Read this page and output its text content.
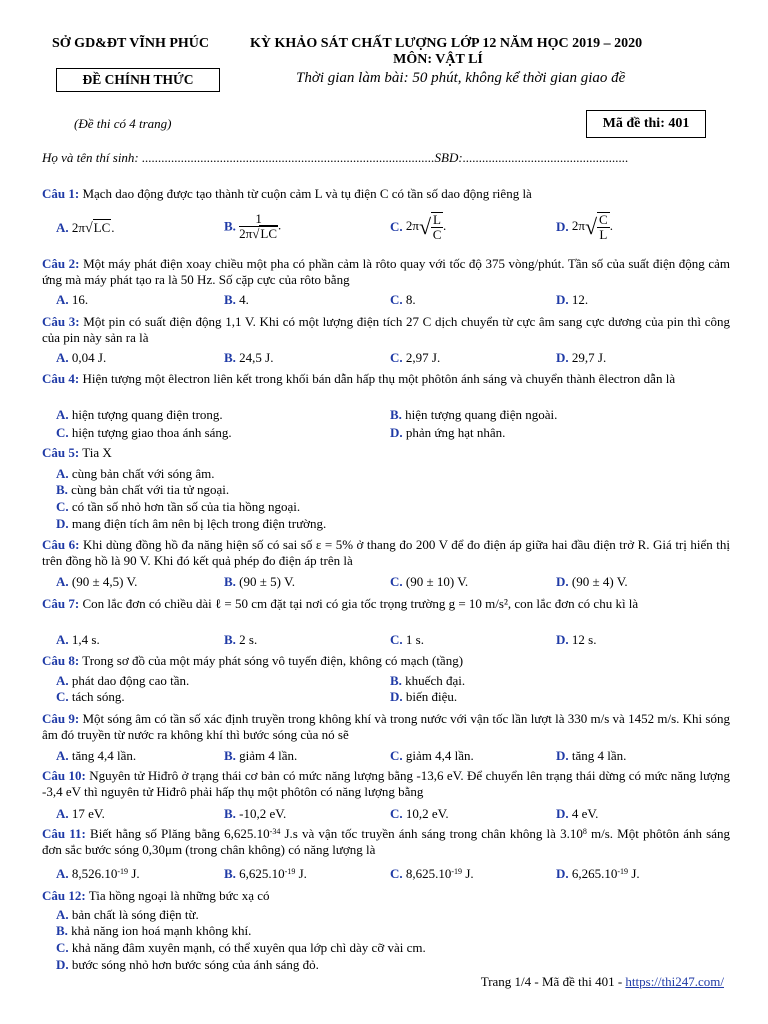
SỞ GD&ĐT VĨNH PHÚC
ĐỀ CHÍNH THỨC
(Đề thi có 4 trang)
KỲ KHẢO SÁT CHẤT LƯỢNG LỚP 12 NĂM HỌC 2019 – 2020
MÔN: VẬT LÍ
Thời gian làm bài: 50 phút, không kể thời gian giao đề
Mã đề thi: 401
Họ và tên thí sinh: ..........................................................................................SBD:...................................................
Câu 1: Mạch dao động được tạo thành từ cuộn cảm L và tụ điện C có tần số dao động riêng là
A. 2π√LC.	B. $\frac{1}{2\pi√LC}$ .	C. $2\pi√ \frac{L}{C}$ .	D. $2\pi√ \frac{C}{L}$ .
Câu 2: Một máy phát điện xoay chiều một pha có phần cảm là rôto quay với tốc độ 375 vòng/phút. Tần số của suất điện động cảm ứng mà máy phát tạo ra là 50 Hz. Số cặp cực của rôto bằng
A. 16.	B. 4.	C. 8.	D. 12.
Câu 3: Một pin có suất điện động 1,1 V. Khi có một lượng điện tích 27 C dịch chuyển từ cực âm sang cực dương của pin thì công của pin này sản ra là
A. 0,04 J.	B. 24,5 J.	C. 2,97 J.	D. 29,7 J.
Câu 4: Hiện tượng một êlectron liên kết trong khối bán dẫn hấp thụ một phôtôn ánh sáng và chuyển thành êlectron dẫn là
A. hiện tượng quang điện trong.	B. hiện tượng quang điện ngoài.
C. hiện tượng giao thoa ánh sáng.	D. phản ứng hạt nhân.
Câu 5: Tia X
A. cùng bản chất với sóng âm.
B. cùng bản chất với tia tử ngoại.
C. có tần số nhỏ hơn tần số của tia hồng ngoại.
D. mang điện tích âm nên bị lệch trong điện trường.
Câu 6: Khi dùng đồng hồ đa năng hiện số có sai số ε = 5% ở thang đo 200 V để đo điện áp giữa hai đầu điện trở R. Giá trị hiển thị trên đồng hồ là 90 V. Khi đó kết quả phép đo điện áp trên là
A. (90 ± 4,5) V.	B. (90 ± 5) V.	C. (90 ± 10) V.	D. (90 ± 4) V.
Câu 7: Con lắc đơn có chiều dài ℓ = 50 cm đặt tại nơi có gia tốc trọng trường g = 10 m/s², con lắc đơn có chu kì là
A. 1,4 s.	B. 2 s.	C. 1 s.	D. 12 s.
Câu 8: Trong sơ đồ của một máy phát sóng vô tuyến điện, không có mạch (tầng)
A. phát dao động cao tần.	B. khuếch đại.
C. tách sóng.	D. biến điệu.
Câu 9: Một sóng âm có tần số xác định truyền trong không khí và trong nước với vận tốc lần lượt là 330 m/s và 1452 m/s. Khi sóng âm đó truyền từ nước ra không khí thì bước sóng của nó sẽ
A. tăng 4,4 lần.	B. giảm 4 lần.	C. giảm 4,4 lần.	D. tăng 4 lần.
Câu 10: Nguyên tử Hiđrô ở trạng thái cơ bản có mức năng lượng bằng -13,6 eV. Để chuyển lên trạng thái dừng có mức năng lượng -3,4 eV thì nguyên tử Hiđrô phải hấp thụ một phôtôn có năng lượng bằng
A. 17 eV.	B. -10,2 eV.	C. 10,2 eV.	D. 4 eV.
Câu 11: Biết hằng số Plăng bằng $6,625.10^{-34}$ J.s và vận tốc truyền ánh sáng trong chân không là 3.10$^8$ m/s. Một phôtôn ánh sáng đơn sắc bước sóng 0,30μm (trong chân không) có năng lượng là
A. $8,526.10^{-19}$ J.	B. $6,625.10^{-19}$ J.	C. $8,625.10^{-19}$ J.	D. $6,265.10^{-19}$ J.
Câu 12: Tia hồng ngoại là những bức xạ có
A. bản chất là sóng điện từ.
B. khả năng ion hoá mạnh không khí.
C. khả năng đâm xuyên mạnh, có thể xuyên qua lớp chì dày cỡ vài cm.
D. bước sóng nhỏ hơn bước sóng của ánh sáng đỏ.
Trang 1/4 - Mã đề thi 401 - https://thi247.com/
